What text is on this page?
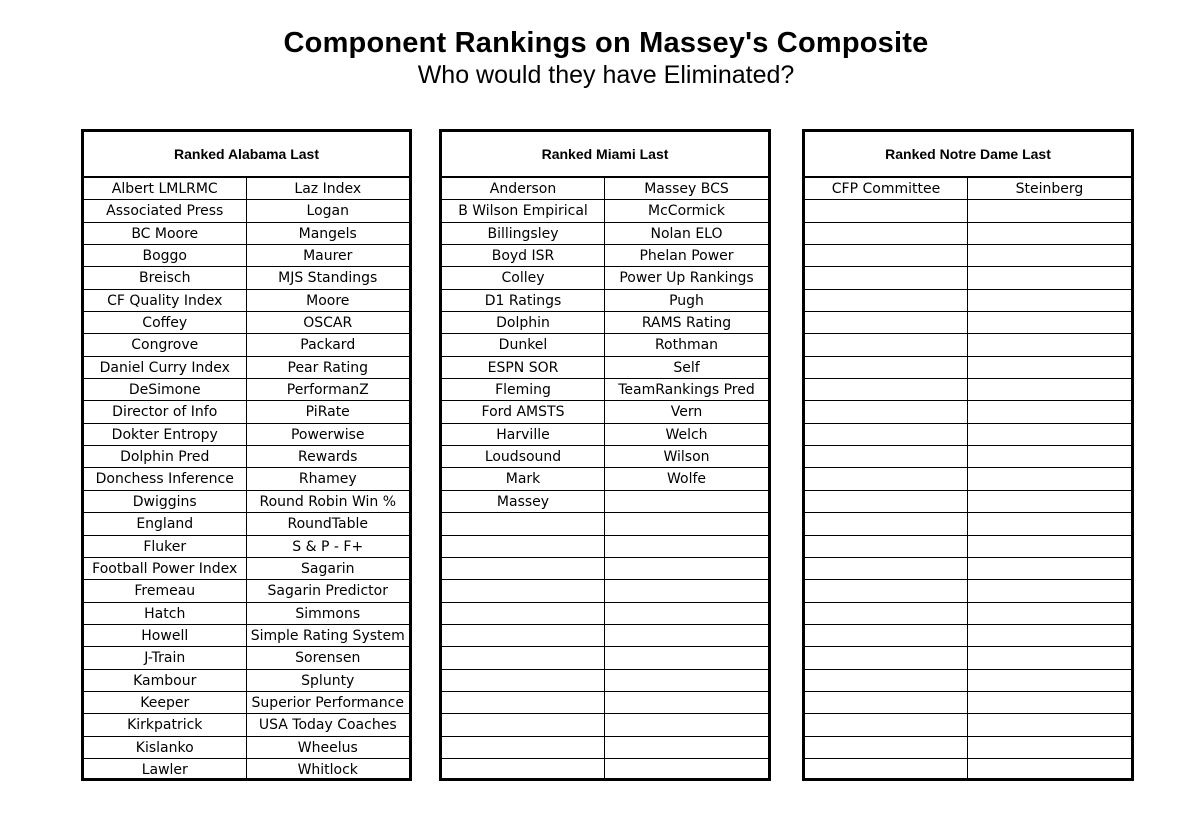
Component Rankings on Massey's Composite
Who would they have Eliminated?
Ranked Alabama Last
Albert LMLRMC	Laz Index
Associated Press	Logan
BC Moore	Mangels
Boggo	Maurer
Breisch	MJS Standings
CF Quality Index	Moore
Coffey	OSCAR
Congrove	Packard
Daniel Curry Index	Pear Rating
DeSimone	PerformanZ
Director of Info	PiRate
Dokter Entropy	Powerwise
Dolphin Pred	Rewards
Donchess Inference	Rhamey
Dwiggins	Round Robin Win %
England	RoundTable
Fluker	S & P - F+
Football Power Index	Sagarin
Fremeau	Sagarin Predictor
Hatch	Simmons
Howell	Simple Rating System
J-Train	Sorensen
Kambour	Splunty
Keeper	Superior Performance
Kirkpatrick	USA Today Coaches
Kislanko	Wheelus
Lawler	Whitlock
Ranked Miami Last
Anderson	Massey BCS
B Wilson Empirical	McCormick
Billingsley	Nolan ELO
Boyd ISR	Phelan Power
Colley	Power Up Rankings
D1 Ratings	Pugh
Dolphin	RAMS Rating
Dunkel	Rothman
ESPN SOR	Self
Fleming	TeamRankings Pred
Ford AMSTS	Vern
Harville	Welch
Loudsound	Wilson
Mark	Wolfe
Massey
Ranked Notre Dame Last
CFP Committee	Steinberg
